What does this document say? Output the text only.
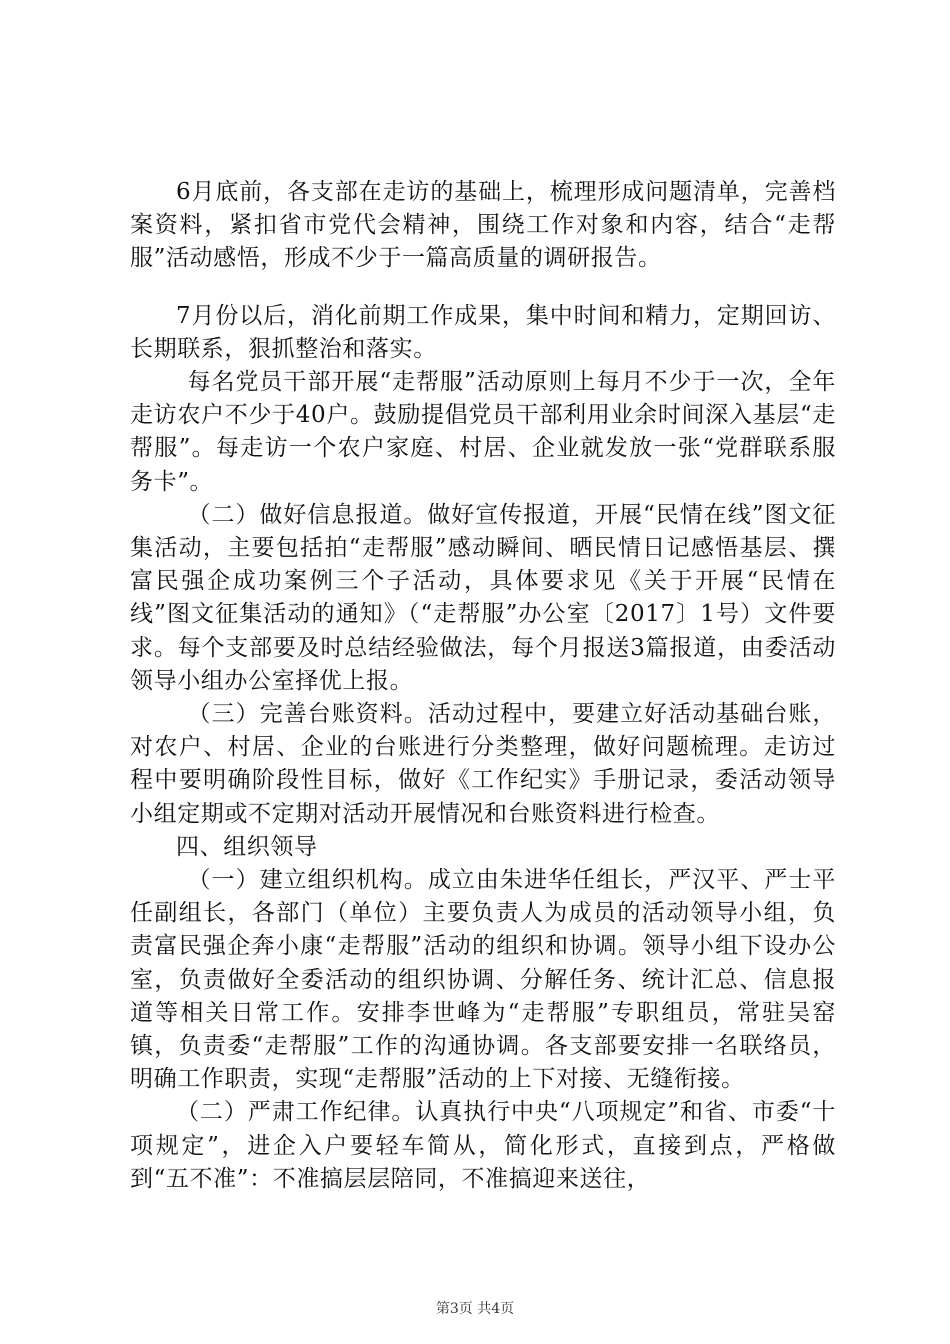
6月底前，各支部在走访的基础上，梳理形成问题清单，完善档案资料，紧扣省市党代会精神，围绕工作对象和内容，结合“走帮服”活动感悟，形成不少于一篇高质量的调研报告。

7月份以后，消化前期工作成果，集中时间和精力，定期回访、长期联系，狠抓整治和落实。

每名党员干部开展“走帮服”活动原则上每月不少于一次，全年走访农户不少于40户。鼓励提倡党员干部利用业余时间深入基层“走帮服”。每走访一个农户家庭、村居、企业就发放一张“党群联系服务卡”。

（二）做好信息报道。做好宣传报道，开展“民情在线”图文征集活动，主要包括拍“走帮服”感动瞬间、晒民情日记感悟基层、撰富民强企成功案例三个子活动，具体要求见《关于开展“民情在线”图文征集活动的通知》（“走帮服”办公室〔2017〕1号）文件要求。每个支部要及时总结经验做法，每个月报送3篇报道，由委活动领导小组办公室择优上报。

（三）完善台账资料。活动过程中，要建立好活动基础台账，对农户、村居、企业的台账进行分类整理，做好问题梳理。走访过程中要明确阶段性目标，做好《工作纪实》手册记录，委活动领导小组定期或不定期对活动开展情况和台账资料进行检查。

四、组织领导

（一）建立组织机构。成立由朱进华任组长，严汉平、严士平任副组长，各部门（单位）主要负责人为成员的活动领导小组，负责富民强企奔小康“走帮服”活动的组织和协调。领导小组下设办公室，负责做好全委活动的组织协调、分解任务、统计汇总、信息报道等相关日常工作。安排李世峰为“走帮服”专职组员，常驻吴窑镇，负责委“走帮服”工作的沟通协调。各支部要安排一名联络员，明确工作职责，实现“走帮服”活动的上下对接、无缝衔接。

（二）严肃工作纪律。认真执行中央“八项规定”和省、市委“十项规定”，进企入户要轻车简从，简化形式，直接到点，严格做到“五不准”：不准搞层层陪同，不准搞迎来送往，

第3页 共4页
